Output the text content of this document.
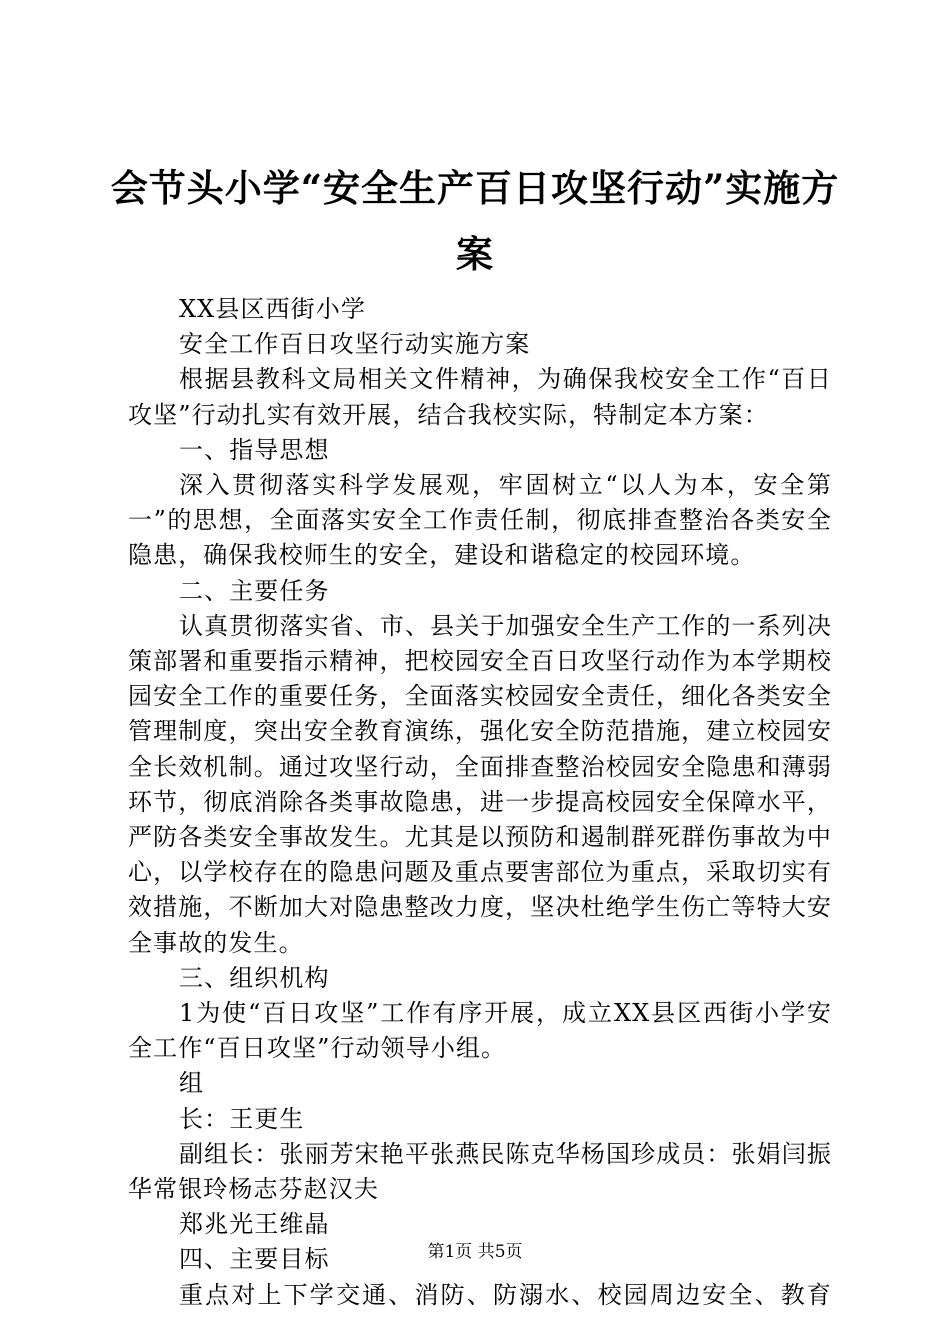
会节头小学“安全生产百日攻坚行动”实施方案

XX县区西街小学

安全工作百日攻坚行动实施方案

根据县教科文局相关文件精神，为确保我校安全工作“百日攻坚”行动扎实有效开展，结合我校实际，特制定本方案：

一、指导思想

深入贯彻落实科学发展观，牢固树立“以人为本，安全第一”的思想，全面落实安全工作责任制，彻底排查整治各类安全隐患，确保我校师生的安全，建设和谐稳定的校园环境。

二、主要任务

认真贯彻落实省、市、县关于加强安全生产工作的一系列决策部署和重要指示精神，把校园安全百日攻坚行动作为本学期校园安全工作的重要任务，全面落实校园安全责任，细化各类安全管理制度，突出安全教育演练，强化安全防范措施，建立校园安全长效机制。通过攻坚行动，全面排查整治校园安全隐患和薄弱环节，彻底消除各类事故隐患，进一步提高校园安全保障水平，严防各类安全事故发生。尤其是以预防和遏制群死群伤事故为中心，以学校存在的隐患问题及重点要害部位为重点，采取切实有效措施，不断加大对隐患整改力度，坚决杜绝学生伤亡等特大安全事故的发生。

三、组织机构

1为使“百日攻坚”工作有序开展，成立XX县区西街小学安全工作“百日攻坚”行动领导小组。

组

长：王更生

副组长：张丽芳宋艳平张燕民陈克华杨国珍成员：张娟闫振华常银玲杨志芬赵汉夫

郑兆光王维晶

四、主要目标

重点对上下学交通、消防、防溺水、校园周边安全、教育

第1页 共5页
